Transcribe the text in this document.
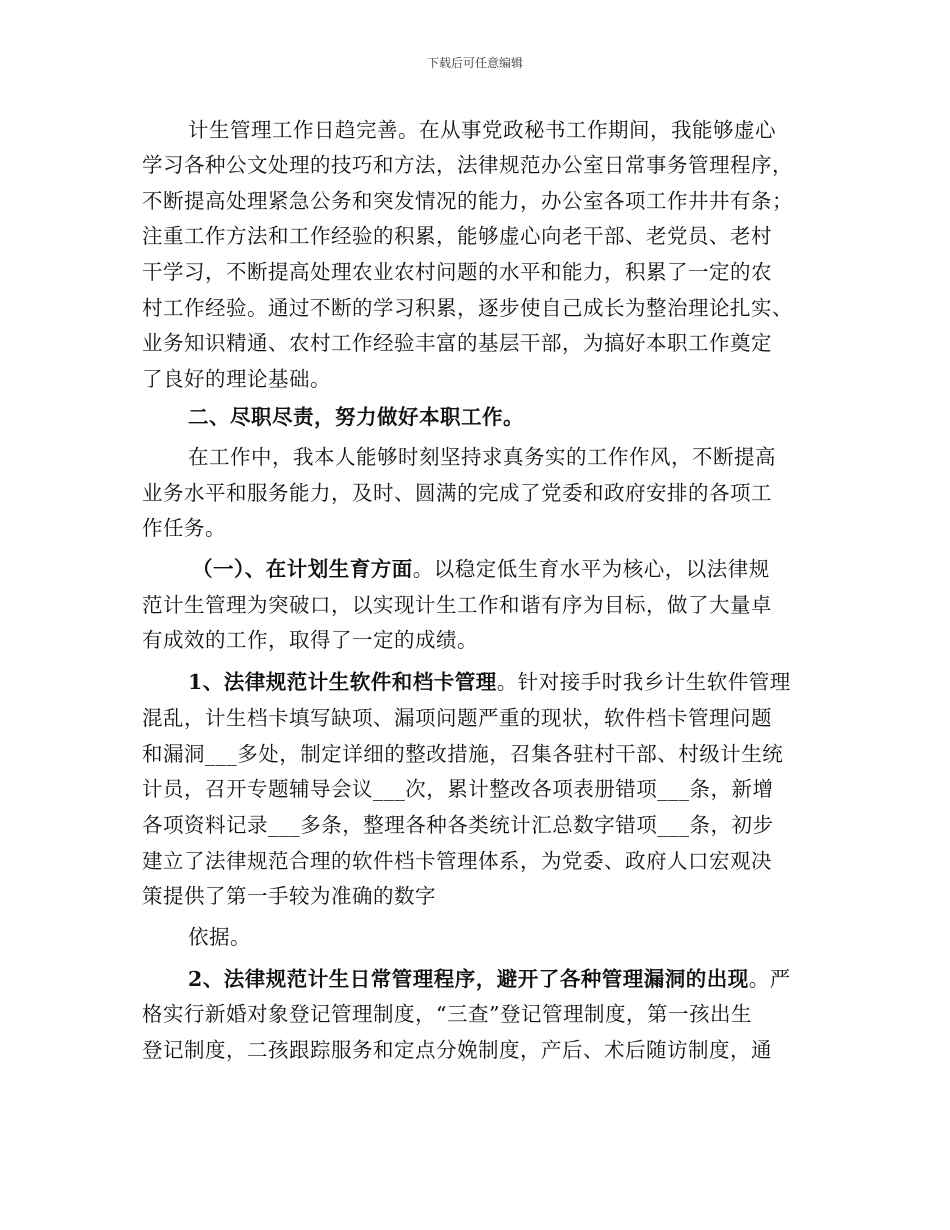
下载后可任意编辑
计生管理工作日趋完善。在从事党政秘书工作期间，我能够虚心
学习各种公文处理的技巧和方法，法律规范办公室日常事务管理程序，
不断提高处理紧急公务和突发情况的能力，办公室各项工作井井有条；
注重工作方法和工作经验的积累，能够虚心向老干部、老党员、老村
干学习，不断提高处理农业农村问题的水平和能力，积累了一定的农
村工作经验。通过不断的学习积累，逐步使自己成长为整治理论扎实、
业务知识精通、农村工作经验丰富的基层干部，为搞好本职工作奠定
了良好的理论基础。
二、尽职尽责，努力做好本职工作。
在工作中，我本人能够时刻坚持求真务实的工作作风，不断提高
业务水平和服务能力，及时、圆满的完成了党委和政府安排的各项工
作任务。
（一）、在计划生育方面。以稳定低生育水平为核心，以法律规
范计生管理为突破口，以实现计生工作和谐有序为目标，做了大量卓
有成效的工作，取得了一定的成绩。
1、法律规范计生软件和档卡管理。针对接手时我乡计生软件管理
混乱，计生档卡填写缺项、漏项问题严重的现状，软件档卡管理问题
和漏洞___多处，制定详细的整改措施，召集各驻村干部、村级计生统
计员，召开专题辅导会议___次，累计整改各项表册错项___条，新增
各项资料记录___多条，整理各种各类统计汇总数字错项___条，初步
建立了法律规范合理的软件档卡管理体系，为党委、政府人口宏观决
策提供了第一手较为准确的数字
依据。
2、法律规范计生日常管理程序，避开了各种管理漏洞的出现。严
格实行新婚对象登记管理制度，“三查”登记管理制度，第一孩出生
登记制度，二孩跟踪服务和定点分娩制度，产后、术后随访制度，通
